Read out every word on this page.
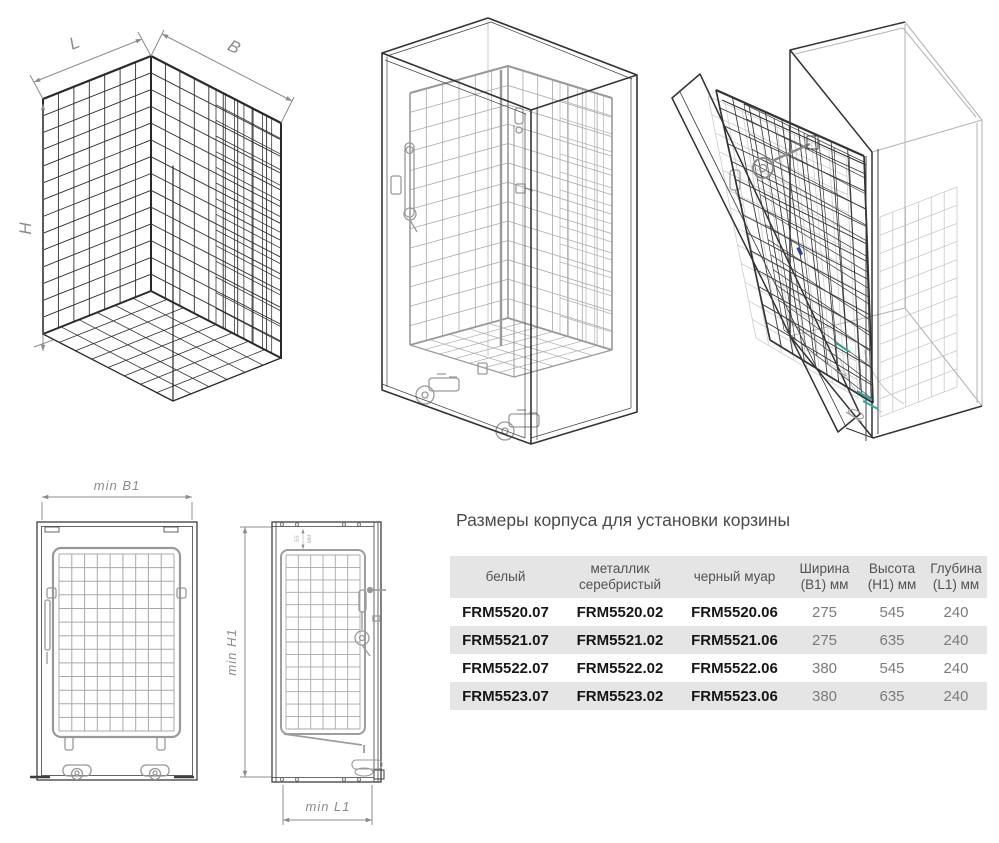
L	B
H
min B1
min H1
min L1
55 мм
Размеры корпуса для установки корзины
белый	металлик серебристый	черный муар	Ширина (B1) мм	Высота (H1) мм	Глубина (L1) мм
FRM5520.07	FRM5520.02	FRM5520.06	275	545	240
FRM5521.07	FRM5521.02	FRM5521.06	275	635	240
FRM5522.07	FRM5522.02	FRM5522.06	380	545	240
FRM5523.07	FRM5523.02	FRM5523.06	380	635	240
